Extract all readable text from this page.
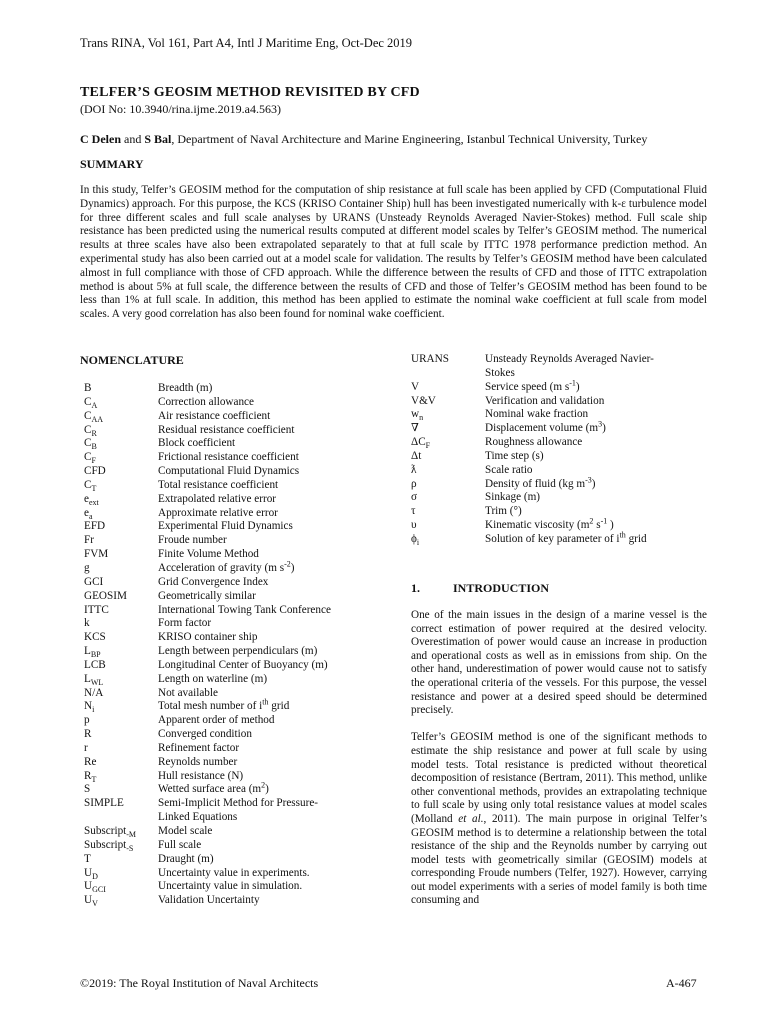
Trans RINA, Vol 161, Part A4, Intl J Maritime Eng, Oct-Dec 2019
TELFER’S GEOSIM METHOD REVISITED BY CFD
(DOI No: 10.3940/rina.ijme.2019.a4.563)
C Delen and S Bal, Department of Naval Architecture and Marine Engineering, Istanbul Technical University, Turkey
SUMMARY
In this study, Telfer’s GEOSIM method for the computation of ship resistance at full scale has been applied by CFD (Computational Fluid Dynamics) approach. For this purpose, the KCS (KRISO Container Ship) hull has been investigated numerically with k-ε turbulence model for three different scales and full scale analyses by URANS (Unsteady Reynolds Averaged Navier-Stokes) method. Full scale ship resistance has been predicted using the numerical results computed at different model scales by Telfer’s GEOSIM method. The numerical results at three scales have also been extrapolated separately to that at full scale by ITTC 1978 performance prediction method. An experimental study has also been carried out at a model scale for validation. The results by Telfer’s GEOSIM method have been calculated almost in full compliance with those of CFD approach. While the difference between the results of CFD and those of ITTC extrapolation method is about 5% at full scale, the difference between the results of CFD and those of Telfer’s GEOSIM method has been found to be less than 1% at full scale. In addition, this method has been applied to estimate the nominal wake coefficient at full scale from model scales. A very good correlation has also been found for nominal wake coefficient.
NOMENCLATURE
B	Breadth (m)
$C_A$	Correction allowance
$C_{AA}$	Air resistance coefficient
$C_R$	Residual resistance coefficient
$C_B$	Block coefficient
$C_F$	Frictional resistance coefficient
CFD	Computational Fluid Dynamics
$C_T$	Total resistance coefficient
$e_{ext}$	Extrapolated relative error
$e_a$	Approximate relative error
EFD	Experimental Fluid Dynamics
Fr	Froude number
FVM	Finite Volume Method
g	Acceleration of gravity (m $s^{-2}$)
GCI	Grid Convergence Index
GEOSIM	Geometrically similar
ITTC	International Towing Tank Conference
k	Form factor
KCS	KRISO container ship
$L_{BP}$	Length between perpendiculars (m)
LCB	Longitudinal Center of Buoyancy (m)
$L_{WL}$	Length on waterline (m)
N/A	Not available
$N_i$	Total mesh number of $i^{th}$ grid
p	Apparent order of method
R	Converged condition
r	Refinement factor
Re	Reynolds number
$R_T$	Hull resistance (N)
S	Wetted surface area $(m^2)$
SIMPLE	Semi-Implicit Method for Pressure-
Linked Equations
Subscript$_{-M}$	Model scale
Subscript$_{-S}$	Full scale
T	Draught (m)
$U_D$	Uncertainty value in experiments.
$U_{GCI}$	Uncertainty value in simulation.
$U_V$	Validation Uncertainty
URANS	Unsteady Reynolds Averaged Navier-
Stokes
V	Service speed (m $s^{-1}$)
V&V	Verification and validation
$w_n$	Nominal wake fraction
∇	Displacement volume $(m^3)$
$\Delta C_F$	Roughness allowance
Δt	Time step (s)
ƛ	Scale ratio
ρ	Density of fluid (kg $m^{-3}$)
σ	Sinkage (m)
τ	Trim (°)
υ	Kinematic viscosity ($m^2$ $s^{-1}$ )
$\phi_i$	Solution of key parameter of $i^{th}$ grid
1.	INTRODUCTION

One of the main issues in the design of a marine vessel is the correct estimation of power required at the desired velocity. Overestimation of power would cause an increase in production and operational costs as well as in emissions from ship. On the other hand, underestimation of power would cause not to satisfy the operational criteria of the vessels. For this purpose, the vessel resistance and power at a desired speed should be determined precisely.

Telfer’s GEOSIM method is one of the significant methods to estimate the ship resistance and power at full scale by using model tests. Total resistance is predicted without theoretical decomposition of resistance (Bertram, 2011). This method, unlike other conventional methods, provides an extrapolating technique to full scale by using only total resistance values at model scales (Molland et al., 2011). The main purpose in original Telfer’s GEOSIM method is to determine a relationship between the total resistance of the ship and the Reynolds number by carrying out model tests with geometrically similar (GEOSIM) models at corresponding Froude numbers (Telfer, 1927). However, carrying out model experiments with a series of model family is both time consuming and

©2019: The Royal Institution of Naval Architects	A-467
